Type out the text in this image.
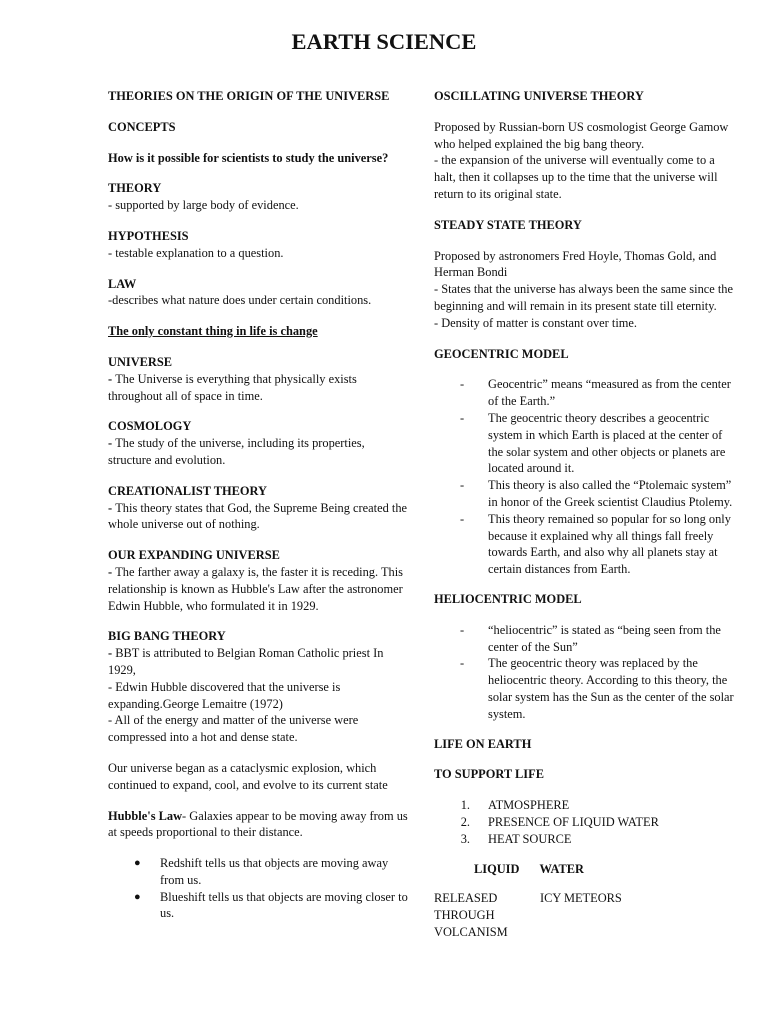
EARTH SCIENCE

THEORIES ON THE ORIGIN OF THE UNIVERSE

CONCEPTS

How is it possible for scientists to study the universe?

THEORY

- supported by large body of evidence.

HYPOTHESIS

- testable explanation to a question.

LAW

-describes what nature does under certain conditions.

The only constant thing in life is change

UNIVERSE

- The Universe is everything that physically exists throughout all of space in time.

COSMOLOGY

- The study of the universe, including its properties, structure and evolution.

CREATIONALIST THEORY

- This theory states that God, the Supreme Being created the whole universe out of nothing.

OUR EXPANDING UNIVERSE

- The farther away a galaxy is, the faster it is receding. This relationship is known as Hubble's Law after the astronomer Edwin Hubble, who formulated it in 1929.

BIG BANG THEORY

- BBT is attributed to Belgian Roman Catholic priest In 1929,

- Edwin Hubble discovered that the universe is expanding.George Lemaitre (1972)

- All of the energy and matter of the universe were compressed into a hot and dense state.

Our universe began as a cataclysmic explosion, which continued to expand, cool, and evolve to its current state

Hubble's Law- Galaxies appear to be moving away from us at speeds proportional to their distance.

● Redshift tells us that objects are moving away from us.
● Blueshift tells us that objects are moving closer to us.

OSCILLATING UNIVERSE THEORY

Proposed by Russian-born US cosmologist George Gamow who helped explained the big bang theory.

- the expansion of the universe will eventually come to a halt, then it collapses up to the time that the universe will return to its original state.

STEADY STATE THEORY

Proposed by astronomers Fred Hoyle, Thomas Gold, and Herman Bondi

- States that the universe has always been the same since the beginning and will remain in its present state till eternity.

- Density of matter is constant over time.

GEOCENTRIC MODEL

- Geocentric” means “measured as from the center of the Earth.”
- The geocentric theory describes a geocentric system in which Earth is placed at the center of the solar system and other objects or planets are located around it.
- This theory is also called the “Ptolemaic system” in honor of the Greek scientist Claudius Ptolemy.
- This theory remained so popular for so long only because it explained why all things fall freely towards Earth, and also why all planets stay at certain distances from Earth.

HELIOCENTRIC MODEL

- “heliocentric” is stated as “being seen from the center of the Sun”
- The geocentric theory was replaced by the heliocentric theory. According to this theory, the solar system has the Sun as the center of the solar system.

LIFE ON EARTH

TO SUPPORT LIFE

1. ATMOSPHERE
2. PRESENCE OF LIQUID WATER
3. HEAT SOURCE

LIQUID WATER

RELEASED THROUGH VOLCANISM
ICY METEORS
